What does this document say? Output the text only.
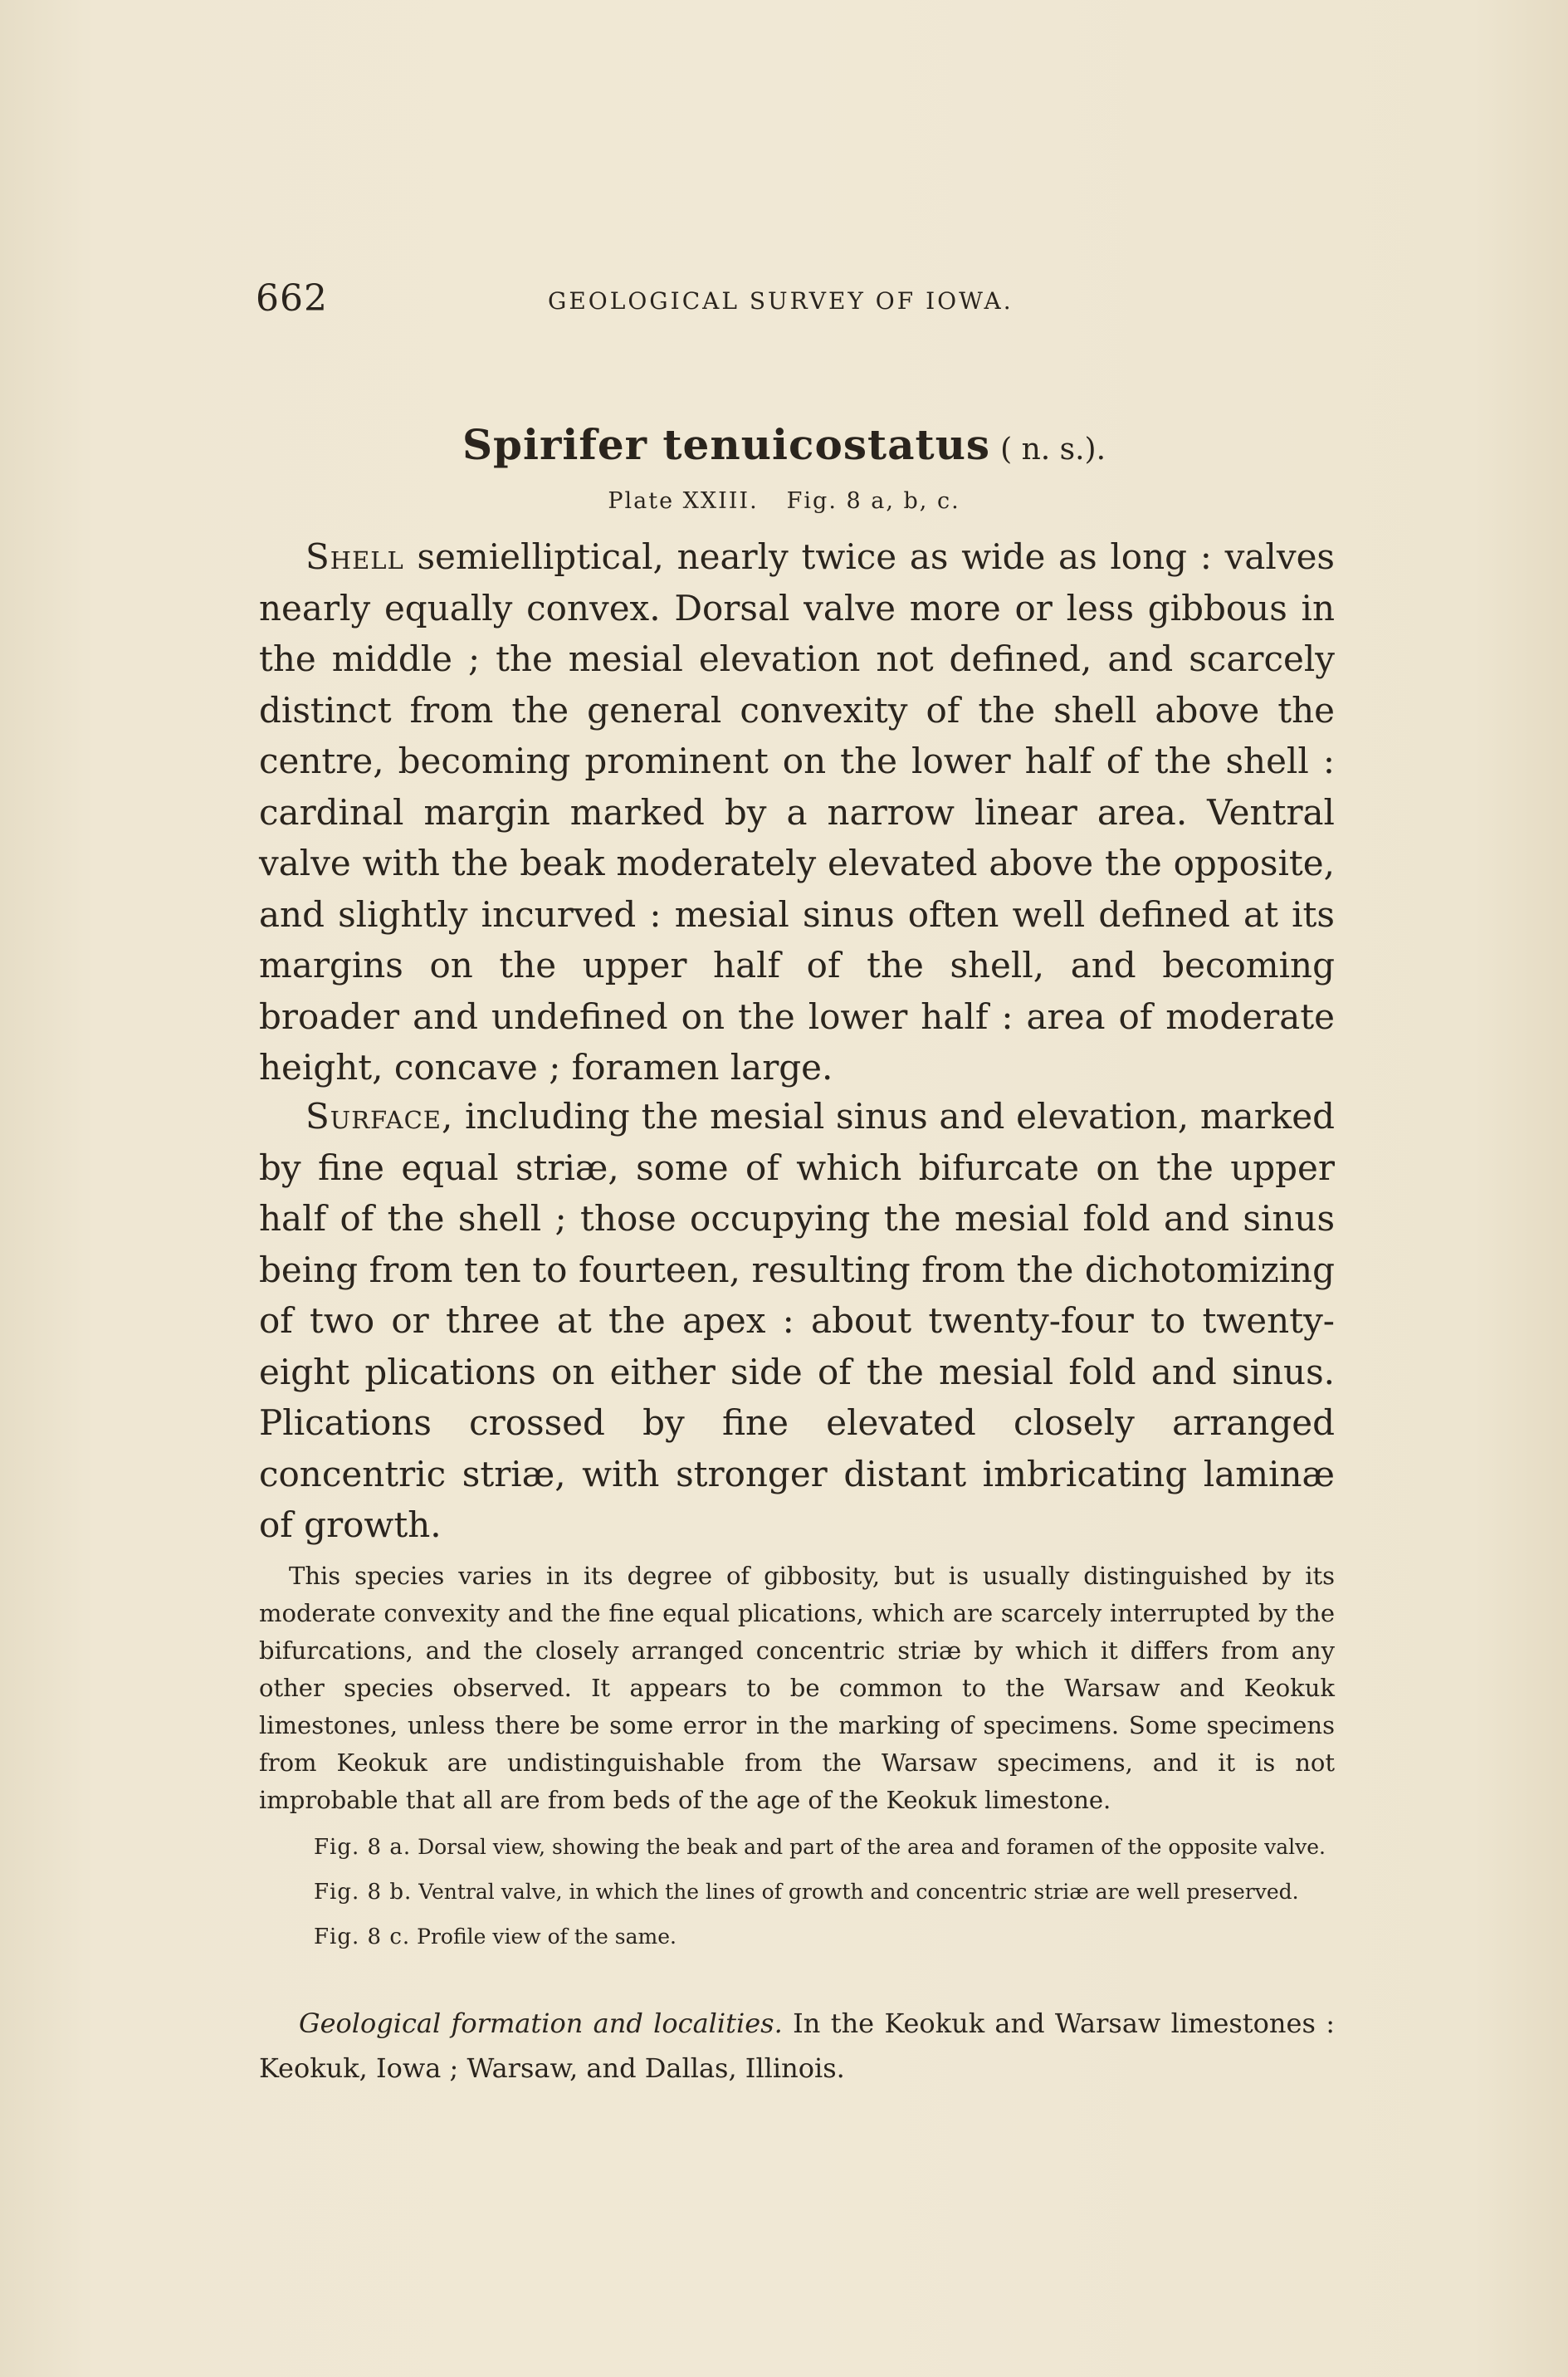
662	GEOLOGICAL SURVEY OF IOWA.
Spirifer tenuicostatus ( n. s.).
Plate XXIII. Fig. 8 a, b, c.

Shell semielliptical, nearly twice as wide as long : valves nearly equally convex. Dorsal valve more or less gibbous in the middle ; the mesial elevation not defined, and scarcely distinct from the general convexity of the shell above the centre, becoming prominent on the lower half of the shell : cardinal margin marked by a narrow linear area. Ventral valve with the beak moderately elevated above the opposite, and slightly incurved : mesial sinus often well defined at its margins on the upper half of the shell, and becoming broader and undefined on the lower half : area of moderate height, concave ; foramen large.

Surface, including the mesial sinus and elevation, marked by fine equal striæ, some of which bifurcate on the upper half of the shell ; those occupying the mesial fold and sinus being from ten to fourteen, resulting from the dichotomizing of two or three at the apex : about twenty-four to twenty-eight plications on either side of the mesial fold and sinus. Plications crossed by fine elevated closely arranged concentric striæ, with stronger distant imbricating laminæ of growth.

This species varies in its degree of gibbosity, but is usually distinguished by its moderate convexity and the fine equal plications, which are scarcely interrupted by the bifurcations, and the closely arranged concentric striæ by which it differs from any other species observed. It appears to be common to the Warsaw and Keokuk limestones, unless there be some error in the marking of specimens. Some specimens from Keokuk are undistinguishable from the Warsaw specimens, and it is not improbable that all are from beds of the age of the Keokuk limestone.

Fig. 8 a. Dorsal view, showing the beak and part of the area and foramen of the opposite valve.
Fig. 8 b. Ventral valve, in which the lines of growth and concentric striæ are well preserved.
Fig. 8 c. Profile view of the same.

Geological formation and localities. In the Keokuk and Warsaw limestones : Keokuk, Iowa ; Warsaw, and Dallas, Illinois.
